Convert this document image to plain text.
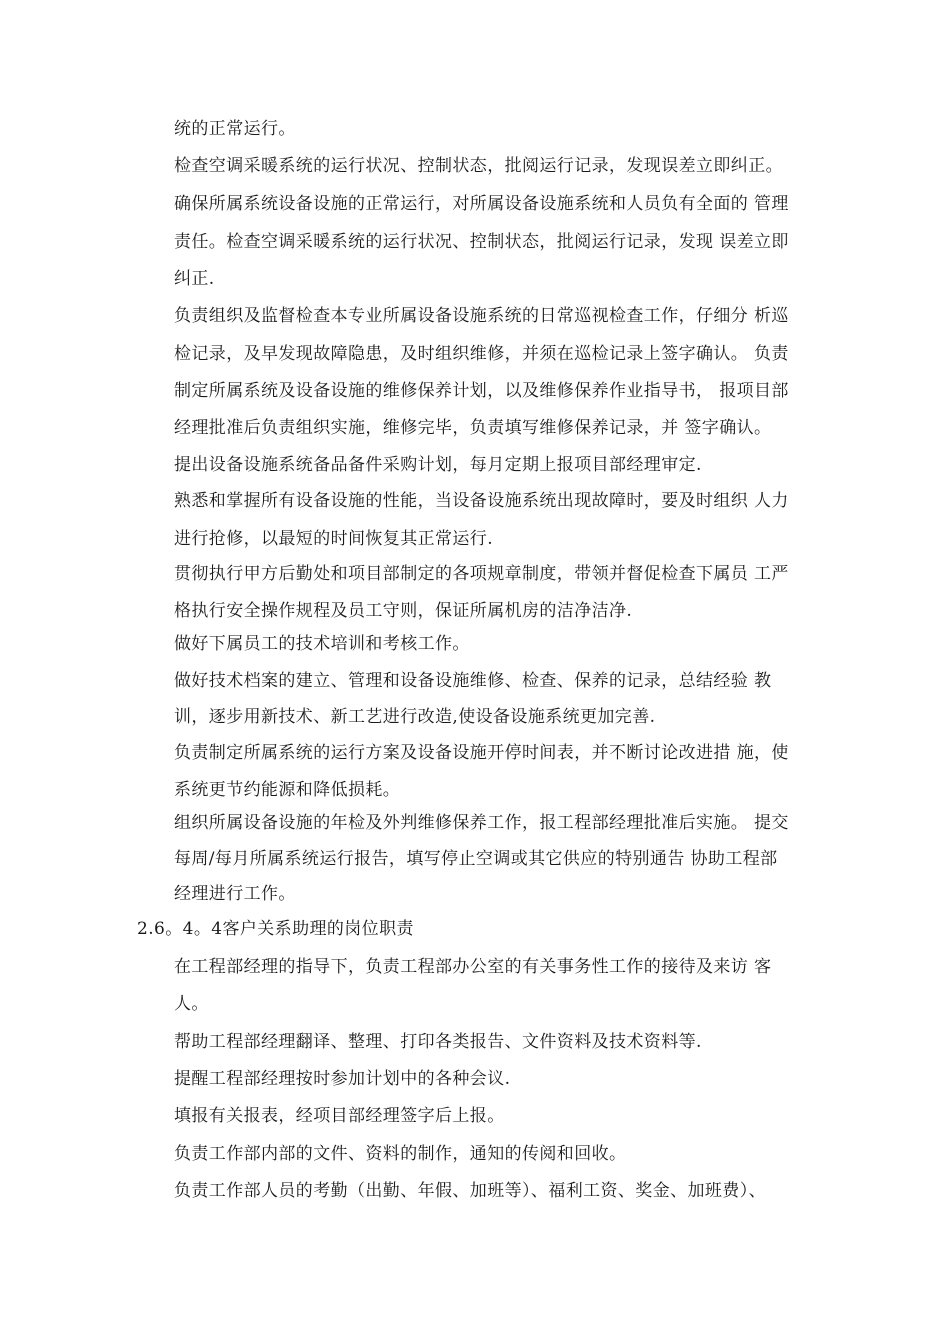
统的正常运行。
检查空调采暖系统的运行状况、控制状态，批阅运行记录，发现误差立即纠正。
确保所属系统设备设施的正常运行，对所属设备设施系统和人员负有全面的 管理
责任。检查空调采暖系统的运行状况、控制状态，批阅运行记录，发现 误差立即
纠正.
负责组织及监督检查本专业所属设备设施系统的日常巡视检查工作，仔细分 析巡
检记录，及早发现故障隐患，及时组织维修，并须在巡检记录上签字确认。 负责
制定所属系统及设备设施的维修保养计划，以及维修保养作业指导书， 报项目部
经理批准后负责组织实施，维修完毕，负责填写维修保养记录，并 签字确认。
提出设备设施系统备品备件采购计划，每月定期上报项目部经理审定.
熟悉和掌握所有设备设施的性能，当设备设施系统出现故障时，要及时组织 人力
进行抢修，以最短的时间恢复其正常运行.
贯彻执行甲方后勤处和项目部制定的各项规章制度，带领并督促检查下属员 工严
格执行安全操作规程及员工守则，保证所属机房的洁净洁净.
做好下属员工的技术培训和考核工作。
做好技术档案的建立、管理和设备设施维修、检查、保养的记录，总结经验 教
训，逐步用新技术、新工艺进行改造,使设备设施系统更加完善.
负责制定所属系统的运行方案及设备设施开停时间表，并不断讨论改进措 施，使
系统更节约能源和降低损耗。
组织所属设备设施的年检及外判维修保养工作，报工程部经理批准后实施。 提交
每周/每月所属系统运行报告，填写停止空调或其它供应的特别通告 协助工程部
经理进行工作。
2.6。4。4客户关系助理的岗位职责
在工程部经理的指导下，负责工程部办公室的有关事务性工作的接待及来访 客
人。
帮助工程部经理翻译、整理、打印各类报告、文件资料及技术资料等.
提醒工程部经理按时参加计划中的各种会议.
填报有关报表，经项目部经理签字后上报。
负责工作部内部的文件、资料的制作，通知的传阅和回收。
负责工作部人员的考勤（出勤、年假、加班等）、福利工资、奖金、加班费）、
